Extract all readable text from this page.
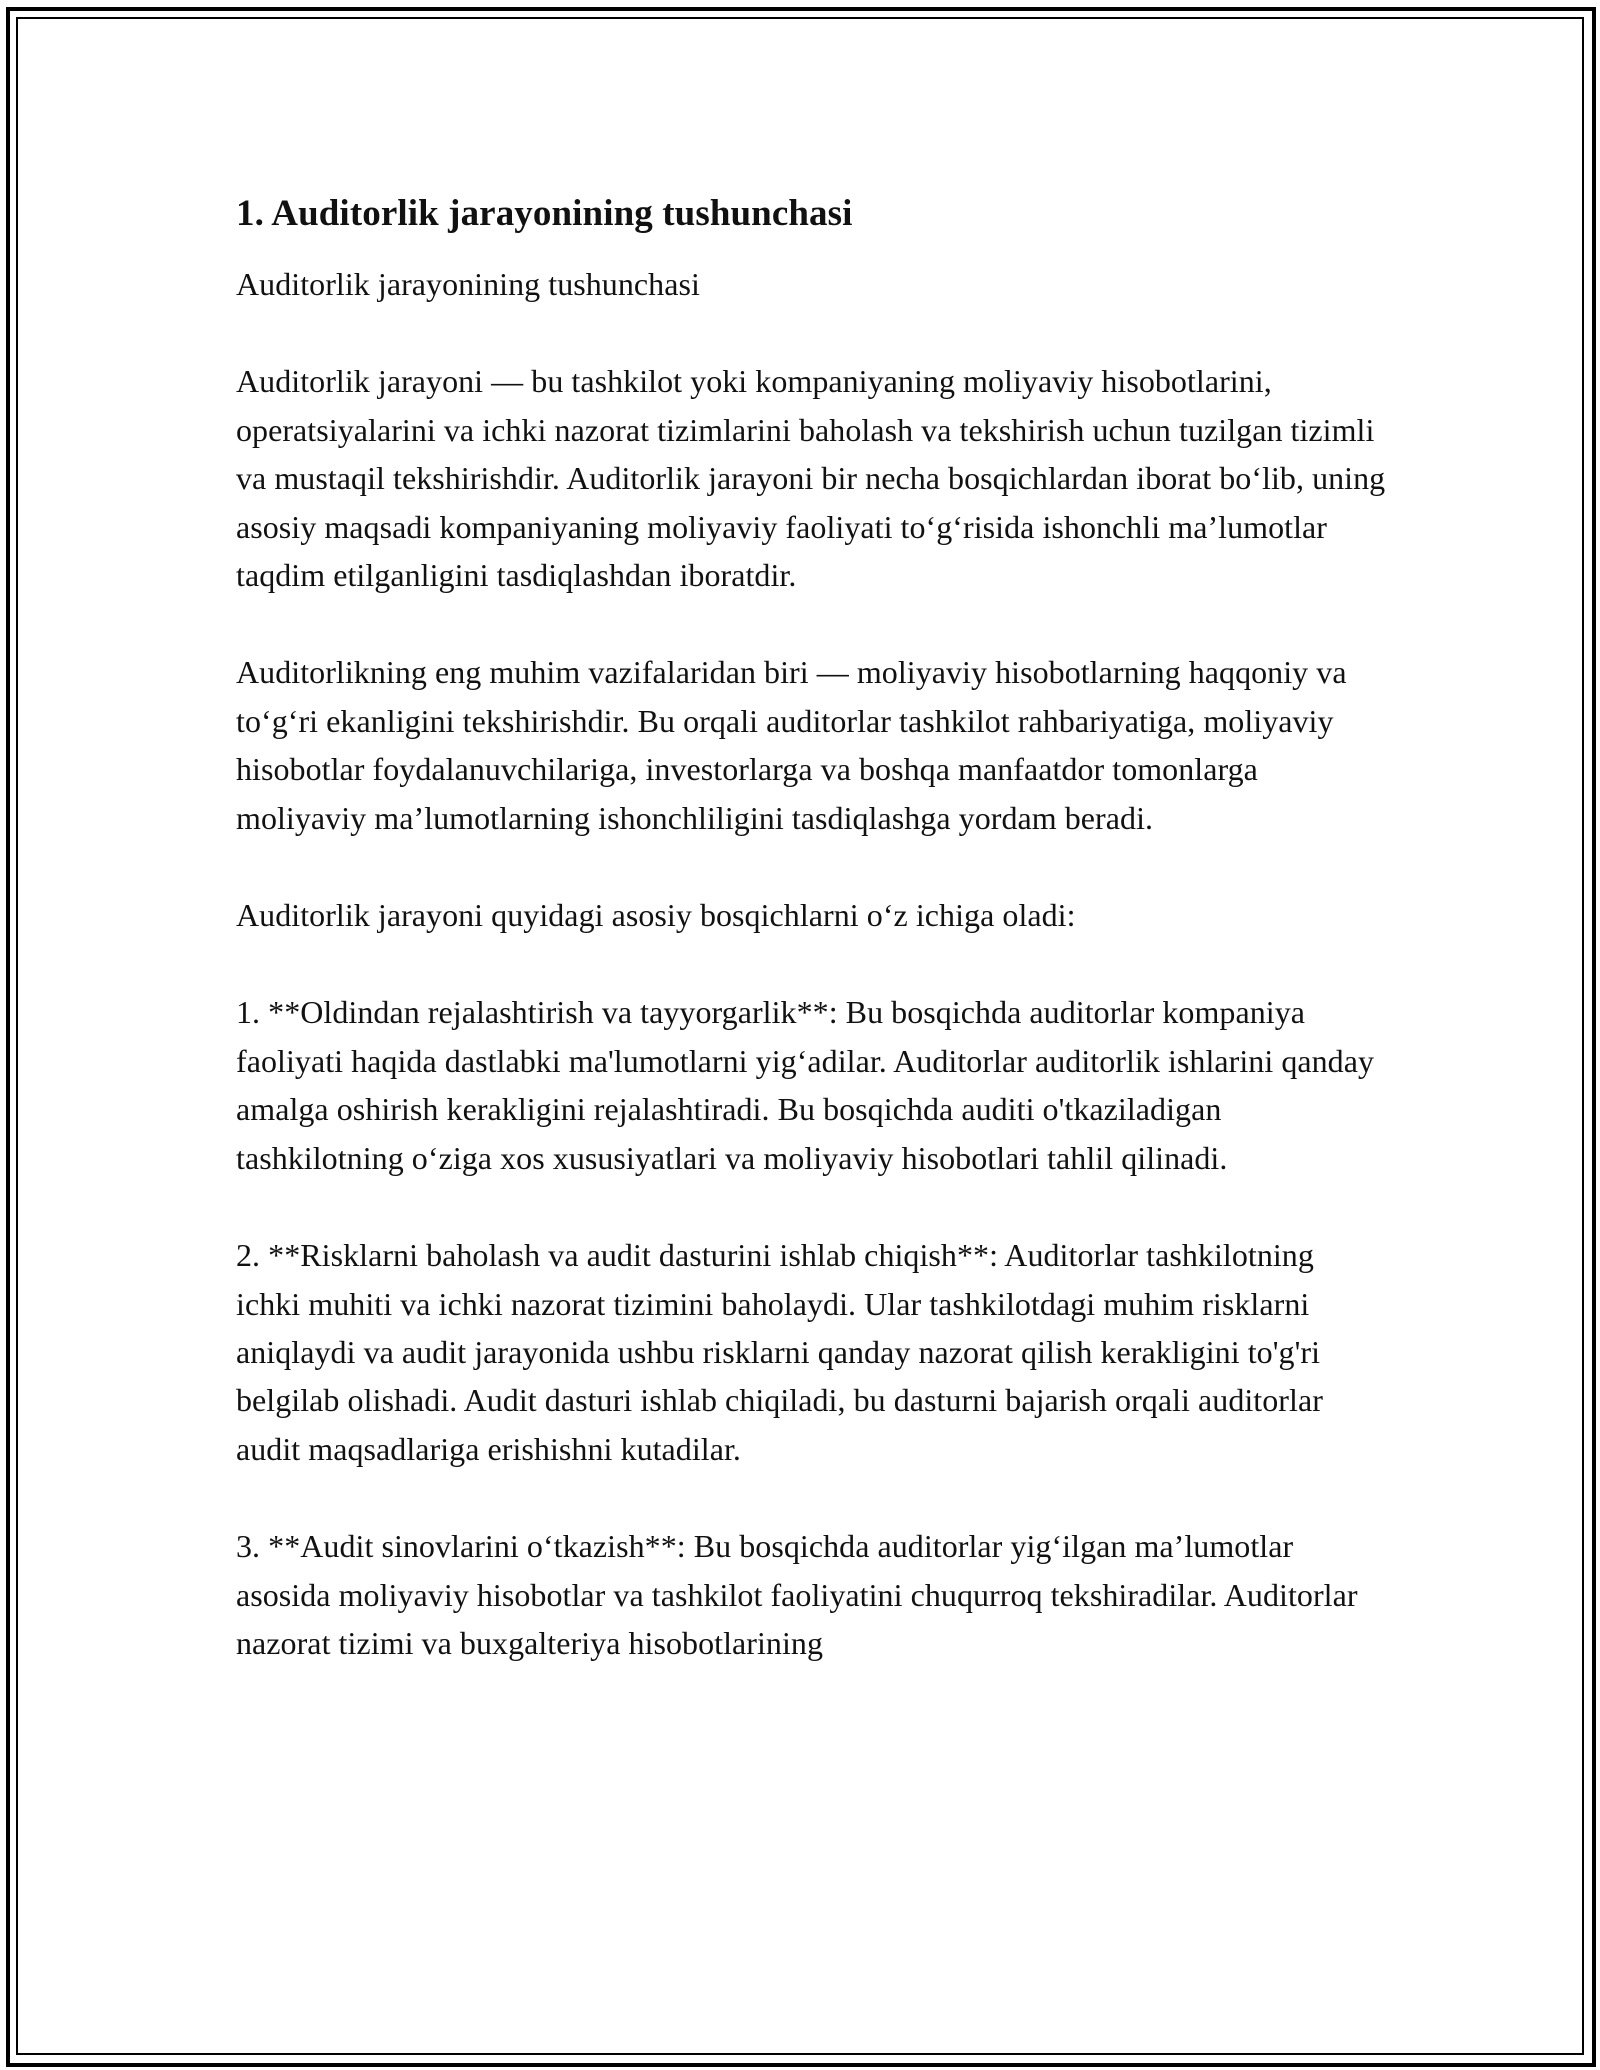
1. Auditorlik jarayonining tushunchasi

Auditorlik jarayonining tushunchasi

Auditorlik jarayoni — bu tashkilot yoki kompaniyaning moliyaviy hisobotlarini, operatsiyalarini va ichki nazorat tizimlarini baholash va tekshirish uchun tuzilgan tizimli va mustaqil tekshirishdir. Auditorlik jarayoni bir necha bosqichlardan iborat bo‘lib, uning asosiy maqsadi kompaniyaning moliyaviy faoliyati to‘g‘risida ishonchli ma’lumotlar taqdim etilganligini tasdiqlashdan iboratdir.

Auditorlikning eng muhim vazifalaridan biri — moliyaviy hisobotlarning haqqoniy va to‘g‘ri ekanligini tekshirishdir. Bu orqali auditorlar tashkilot rahbariyatiga, moliyaviy hisobotlar foydalanuvchilariga, investorlarga va boshqa manfaatdor tomonlarga moliyaviy ma’lumotlarning ishonchliligini tasdiqlashga yordam beradi.

Auditorlik jarayoni quyidagi asosiy bosqichlarni o‘z ichiga oladi:

1. **Oldindan rejalashtirish va tayyorgarlik**: Bu bosqichda auditorlar kompaniya faoliyati haqida dastlabki ma'lumotlarni yig‘adilar. Auditorlar auditorlik ishlarini qanday amalga oshirish kerakligini rejalashtiradi. Bu bosqichda auditi o'tkaziladigan tashkilotning o‘ziga xos xususiyatlari va moliyaviy hisobotlari tahlil qilinadi.

2. **Risklarni baholash va audit dasturini ishlab chiqish**: Auditorlar tashkilotning ichki muhiti va ichki nazorat tizimini baholaydi. Ular tashkilotdagi muhim risklarni aniqlaydi va audit jarayonida ushbu risklarni qanday nazorat qilish kerakligini to'g'ri belgilab olishadi. Audit dasturi ishlab chiqiladi, bu dasturni bajarish orqali auditorlar audit maqsadlariga erishishni kutadilar.

3. **Audit sinovlarini o‘tkazish**: Bu bosqichda auditorlar yig‘ilgan ma’lumotlar asosida moliyaviy hisobotlar va tashkilot faoliyatini chuqurroq tekshiradilar. Auditorlar nazorat tizimi va buxgalteriya hisobotlarining
